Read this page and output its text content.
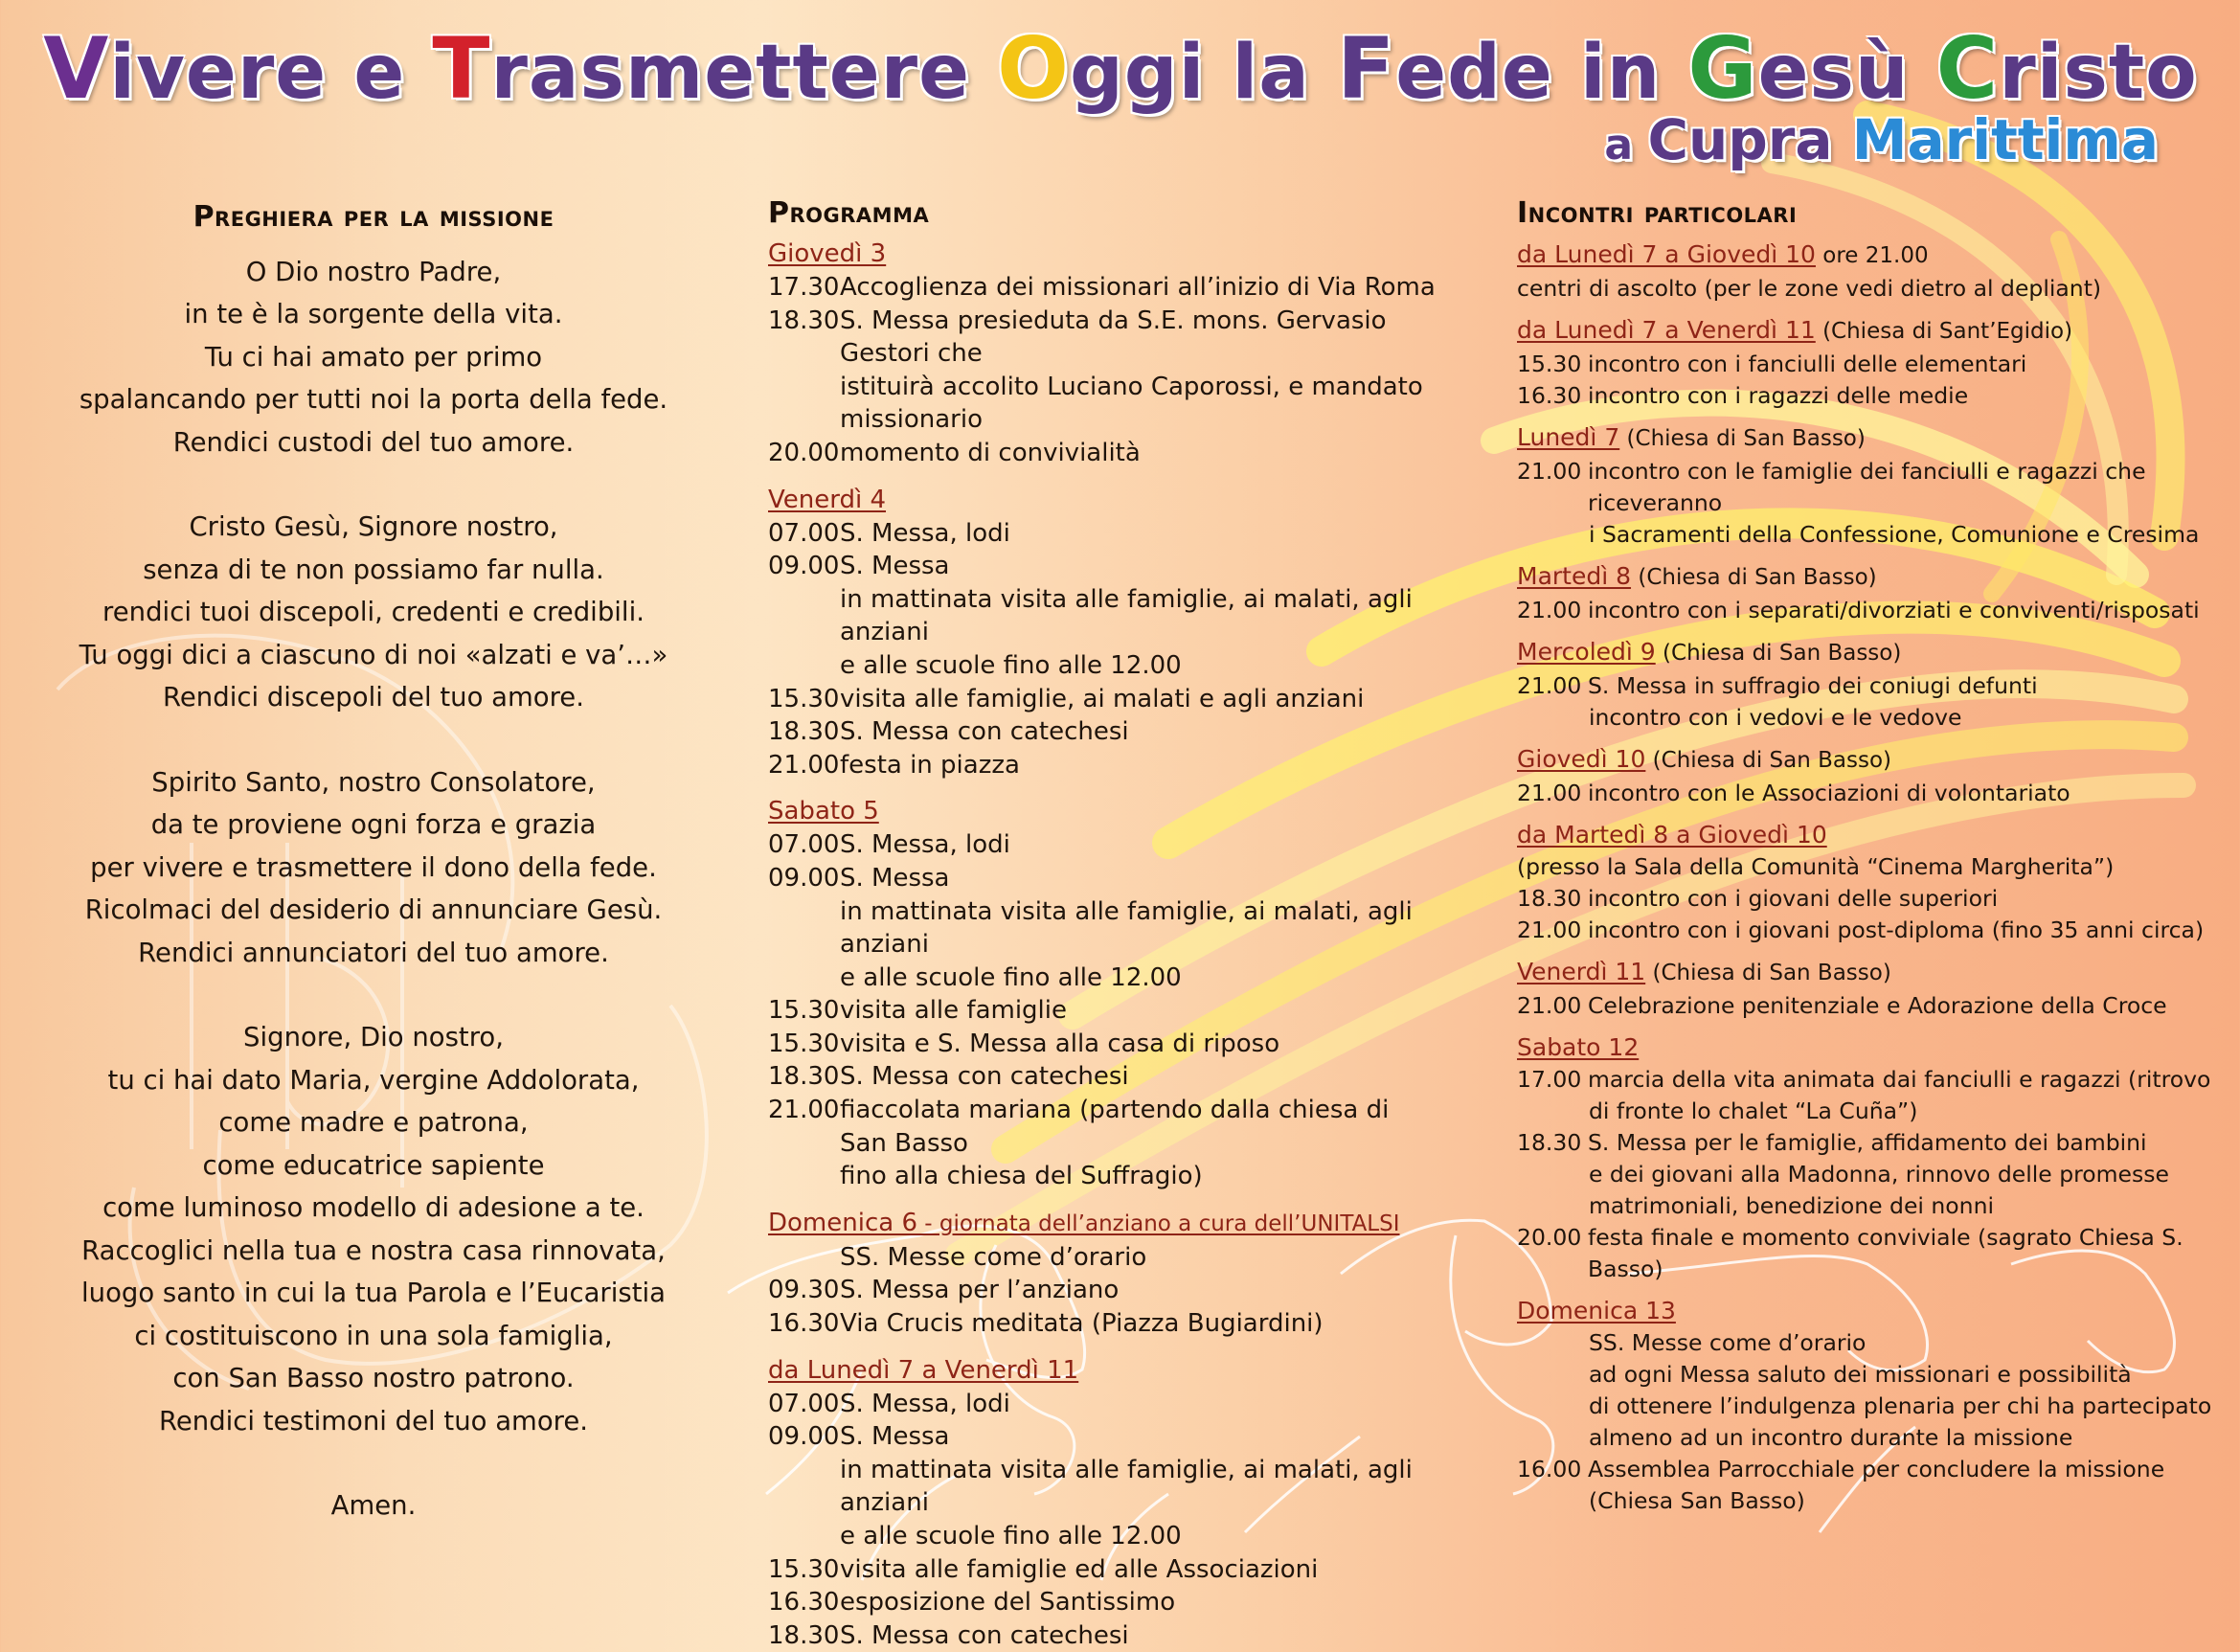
Vivere e Trasmettere Oggi la Fede in Gesù Cristo
a Cupra Marittima
Preghiera per la missione
O Dio nostro Padre,
in te è la sorgente della vita.
Tu ci hai amato per primo
spalancando per tutti noi la porta della fede.
Rendici custodi del tuo amore.
Cristo Gesù, Signore nostro,
senza di te non possiamo far nulla.
rendici tuoi discepoli, credenti e credibili.
Tu oggi dici a ciascuno di noi «alzati e va’…»
Rendici discepoli del tuo amore.
Spirito Santo, nostro Consolatore,
da te proviene ogni forza e grazia
per vivere e trasmettere il dono della fede.
Ricolmaci del desiderio di annunciare Gesù.
Rendici annunciatori del tuo amore.
Signore, Dio nostro,
tu ci hai dato Maria, vergine Addolorata,
come madre e patrona,
come educatrice sapiente
come luminoso modello di adesione a te.
Raccoglici nella tua e nostra casa rinnovata,
luogo santo in cui la tua Parola e l’Eucaristia
ci costituiscono in una sola famiglia,
con San Basso nostro patrono.
Rendici testimoni del tuo amore.
Amen.
Programma
Giovedì 3
17.30 Accoglienza dei missionari all’inizio di Via Roma
18.30 S. Messa presieduta da S.E. mons. Gervasio Gestori che
istituirà accolito Luciano Caporossi, e mandato missionario
20.00 momento di convivialità
Venerdì 4
07.00 S. Messa, lodi
09.00 S. Messa
in mattinata visita alle famiglie, ai malati, agli anziani
e alle scuole fino alle 12.00
15.30 visita alle famiglie, ai malati e agli anziani
18.30 S. Messa con catechesi
21.00 festa in piazza
Sabato 5
07.00 S. Messa, lodi
09.00 S. Messa
in mattinata visita alle famiglie, ai malati, agli anziani
e alle scuole fino alle 12.00
15.30 visita alle famiglie
15.30 visita e S. Messa alla casa di riposo
18.30 S. Messa con catechesi
21.00 fiaccolata mariana (partendo dalla chiesa di San Basso
fino alla chiesa del Suffragio)
Domenica 6 - giornata dell’anziano a cura dell’UNITALSI
SS. Messe come d’orario
09.30 S. Messa per l’anziano
16.30 Via Crucis meditata (Piazza Bugiardini)
da Lunedì 7 a Venerdì 11
07.00 S. Messa, lodi
09.00 S. Messa
in mattinata visita alle famiglie, ai malati, agli anziani
e alle scuole fino alle 12.00
15.30 visita alle famiglie ed alle Associazioni
16.30 esposizione del Santissimo
18.30 S. Messa con catechesi
Incontri particolari
da Lunedì 7 a Giovedì 10 ore 21.00
centri di ascolto (per le zone vedi dietro al depliant)
da Lunedì 7 a Venerdì 11 (Chiesa di Sant’Egidio)
15.30 incontro con i fanciulli delle elementari
16.30 incontro con i ragazzi delle medie
Lunedì 7 (Chiesa di San Basso)
21.00 incontro con le famiglie dei fanciulli e ragazzi che riceveranno
i Sacramenti della Confessione, Comunione e Cresima
Martedì 8 (Chiesa di San Basso)
21.00 incontro con i separati/divorziati e conviventi/risposati
Mercoledì 9 (Chiesa di San Basso)
21.00 S. Messa in suffragio dei coniugi defunti
incontro con i vedovi e le vedove
Giovedì 10 (Chiesa di San Basso)
21.00 incontro con le Associazioni di volontariato
da Martedì 8 a Giovedì 10
(presso la Sala della Comunità “Cinema Margherita”)
18.30 incontro con i giovani delle superiori
21.00 incontro con i giovani post-diploma (fino 35 anni circa)
Venerdì 11 (Chiesa di San Basso)
21.00 Celebrazione penitenziale e Adorazione della Croce
Sabato 12
17.00 marcia della vita animata dai fanciulli e ragazzi (ritrovo
di fronte lo chalet “La Cuña”)
18.30 S. Messa per le famiglie, affidamento dei bambini
e dei giovani alla Madonna, rinnovo delle promesse
matrimoniali, benedizione dei nonni
20.00 festa finale e momento conviviale (sagrato Chiesa S. Basso)
Domenica 13
SS. Messe come d’orario
ad ogni Messa saluto dei missionari e possibilità
di ottenere l’indulgenza plenaria per chi ha partecipato
almeno ad un incontro durante la missione
16.00 Assemblea Parrocchiale per concludere la missione
(Chiesa San Basso)
